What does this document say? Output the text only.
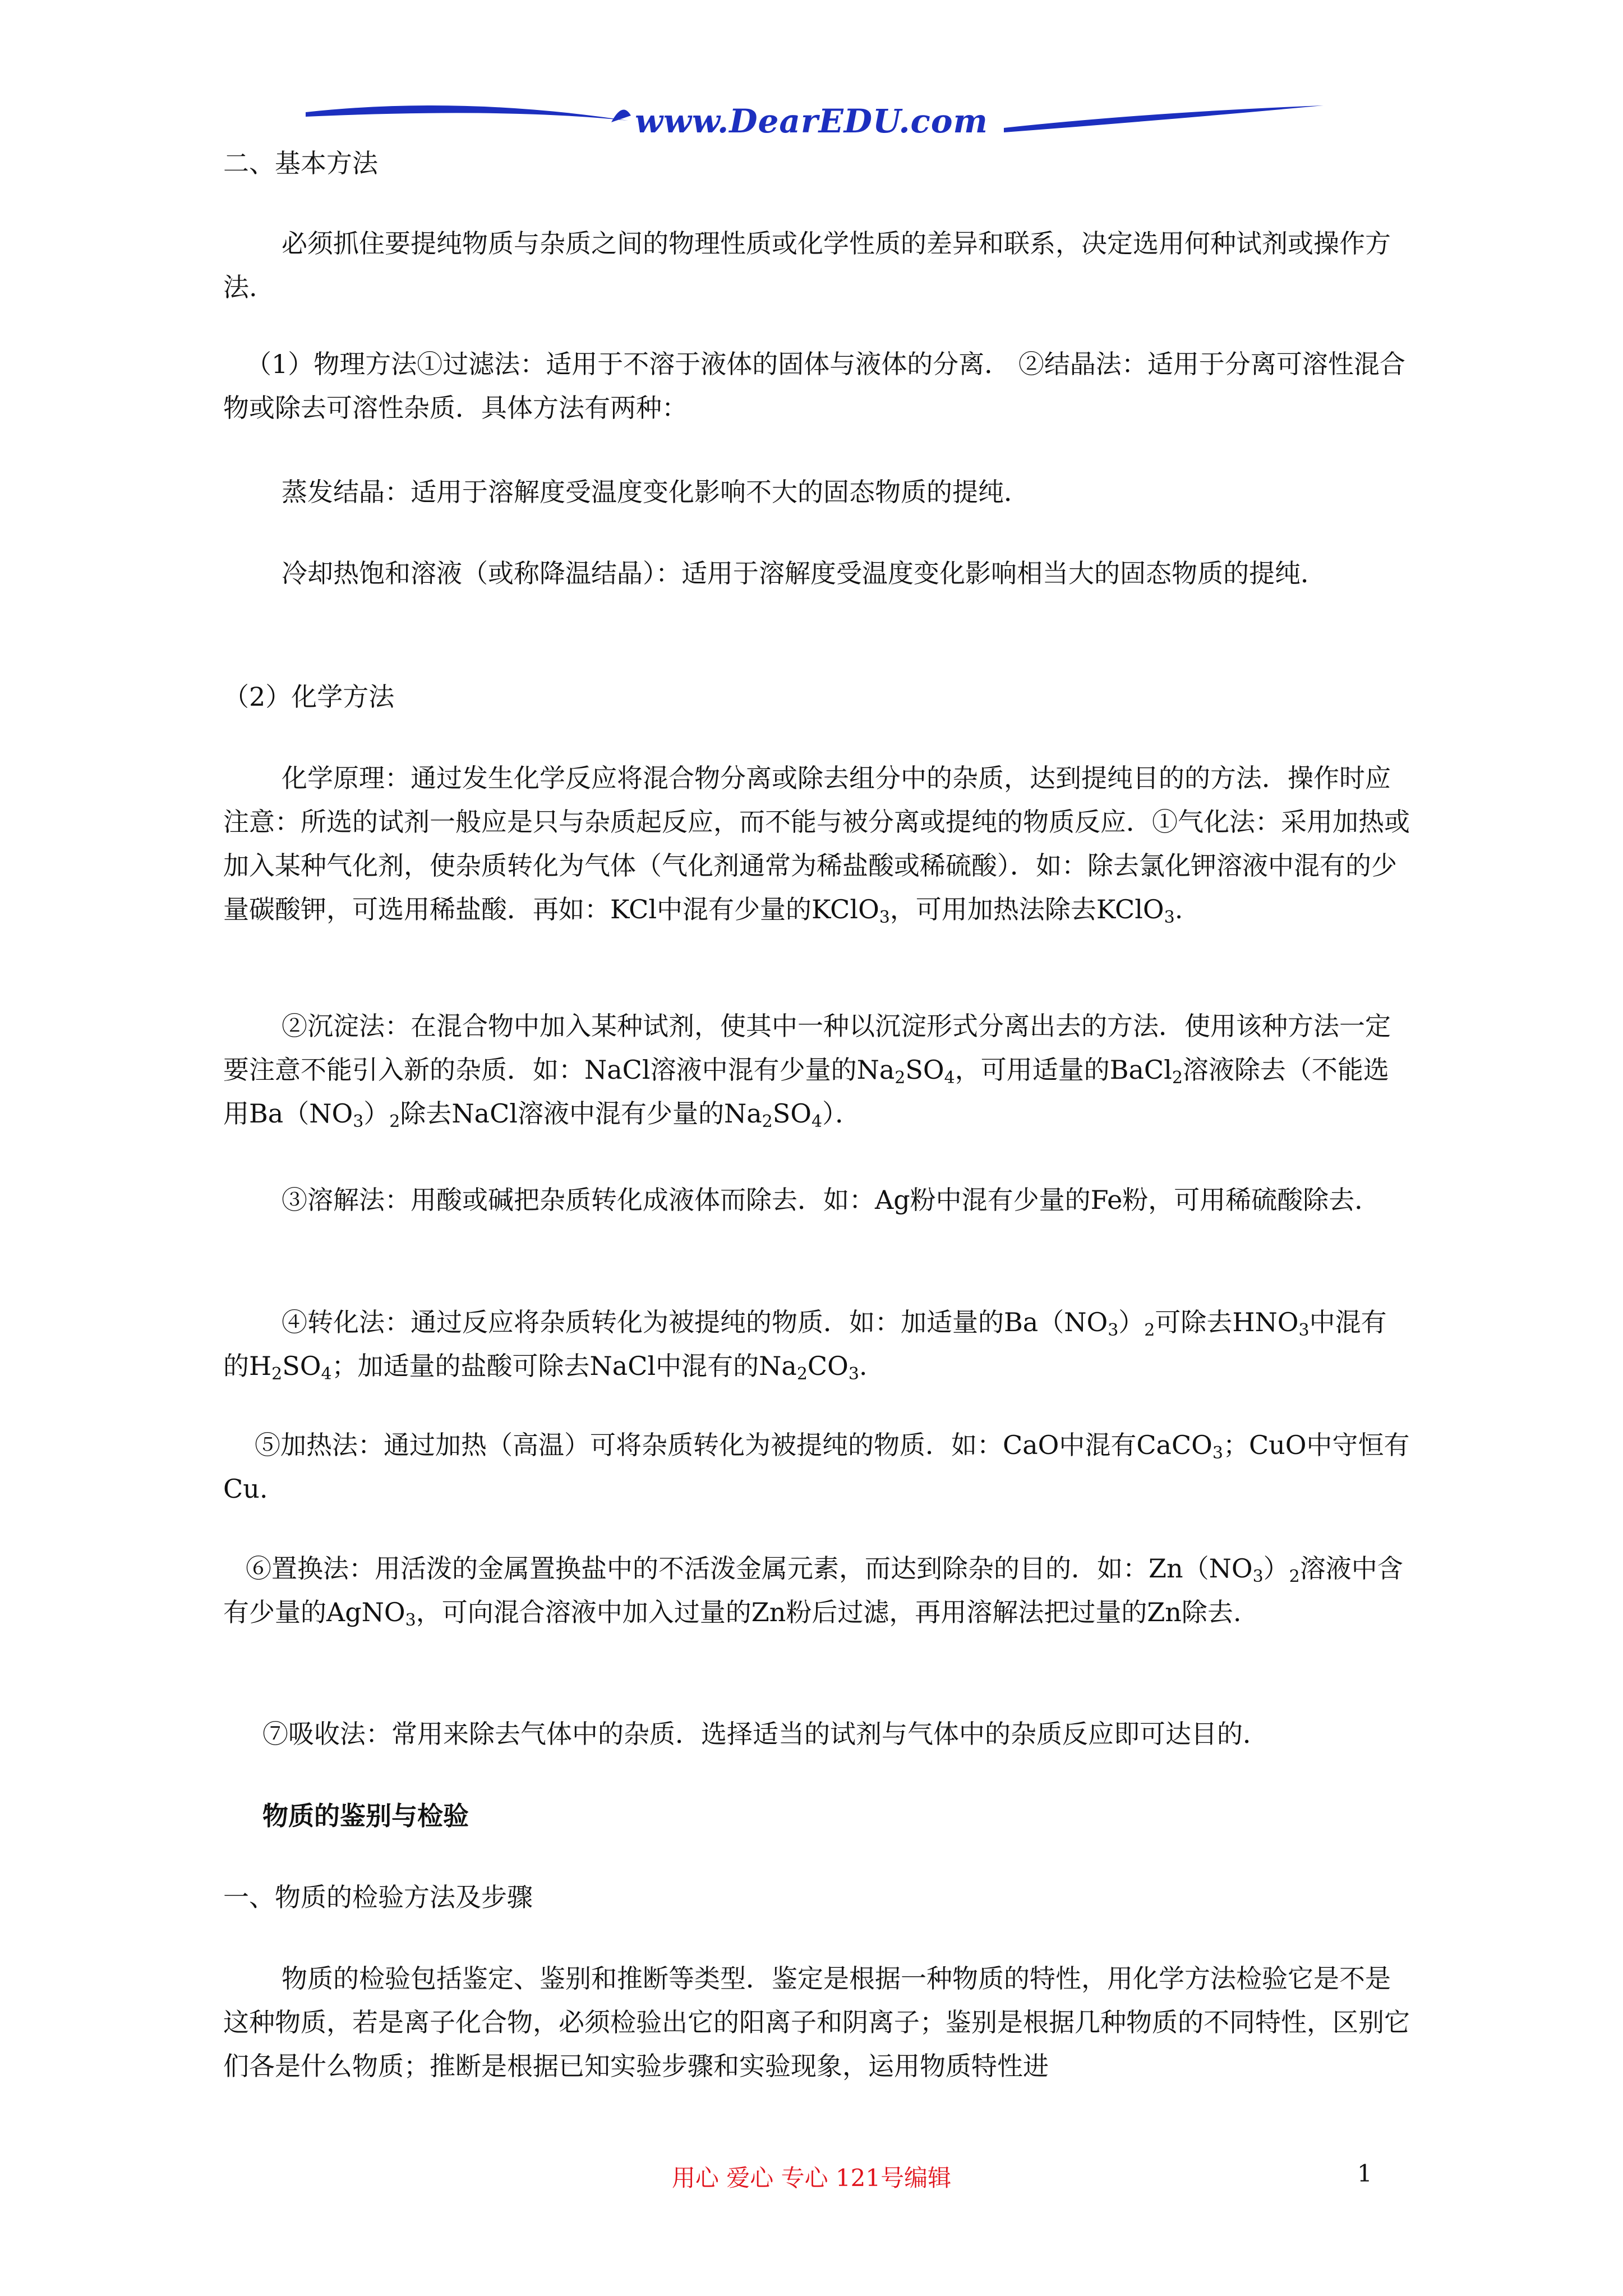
www.DearEDU.com

二、基本方法

必须抓住要提纯物质与杂质之间的物理性质或化学性质的差异和联系，决定选用何种试剂或操作方法.

（1）物理方法①过滤法：适用于不溶于液体的固体与液体的分离． ②结晶法：适用于分离可溶性混合物或除去可溶性杂质．具体方法有两种：

蒸发结晶：适用于溶解度受温度变化影响不大的固态物质的提纯．

冷却热饱和溶液（或称降温结晶）：适用于溶解度受温度变化影响相当大的固态物质的提纯．

（2）化学方法

化学原理：通过发生化学反应将混合物分离或除去组分中的杂质，达到提纯目的的方法．操作时应注意：所选的试剂一般应是只与杂质起反应，而不能与被分离或提纯的物质反应．①气化法：采用加热或加入某种气化剂，使杂质转化为气体（气化剂通常为稀盐酸或稀硫酸）．如：除去氯化钾溶液中混有的少量碳酸钾，可选用稀盐酸．再如：KCl中混有少量的KClO$_3$，可用加热法除去KClO$_3$.

②沉淀法：在混合物中加入某种试剂，使其中一种以沉淀形式分离出去的方法．使用该种方法一定要注意不能引入新的杂质．如：NaCl溶液中混有少量的$Na_2SO_4$，可用适量的BaCl$_2$溶液除去（不能选用$Ba(NO_3)_2$除去NaCl溶液中混有少量的$Na_2SO_4$）．

③溶解法：用酸或碱把杂质转化成液体而除去．如：Ag粉中混有少量的Fe粉，可用稀硫酸除去．

④转化法：通过反应将杂质转化为被提纯的物质．如：加适量的$Ba(NO_3)_2$可除去$HNO_3$中混有的$H_2SO_4$；加适量的盐酸可除去NaCl中混有的$Na_2CO_3$.

⑤加热法：通过加热（高温）可将杂质转化为被提纯的物质．如：CaO中混有CaCO$_3$；CuO中守恒有Cu.

⑥置换法：用活泼的金属置换盐中的不活泼金属元素，而达到除杂的目的．如：$Zn(NO_3)_2$溶液中含有少量的AgNO$_3$，可向混合溶液中加入过量的Zn粉后过滤，再用溶解法把过量的Zn除去.

⑦吸收法：常用来除去气体中的杂质．选择适当的试剂与气体中的杂质反应即可达目的．

物质的鉴别与检验

一、物质的检验方法及步骤

物质的检验包括鉴定、鉴别和推断等类型．鉴定是根据一种物质的特性，用化学方法检验它是不是这种物质，若是离子化合物，必须检验出它的阳离子和阴离子；鉴别是根据几种物质的不同特性，区别它们各是什么物质；推断是根据已知实验步骤和实验现象，运用物质特性进

用心 爱心 专心 121号编辑	1
